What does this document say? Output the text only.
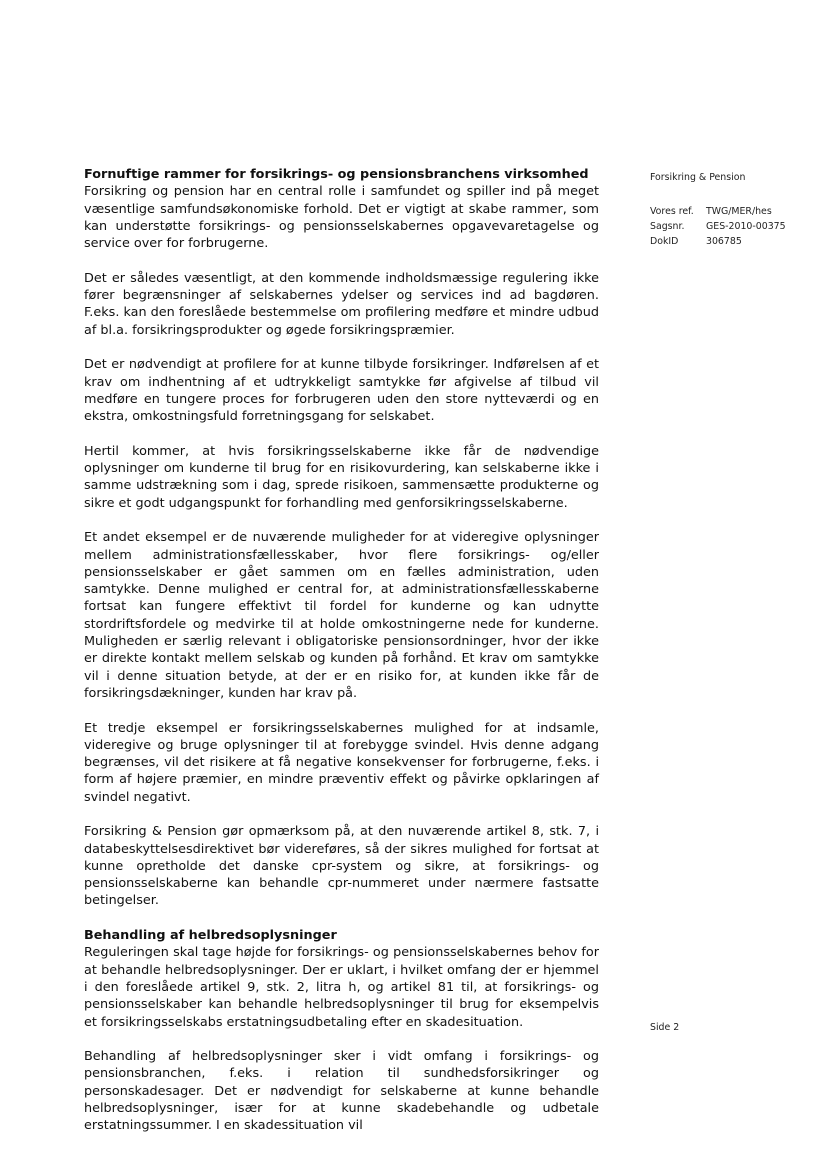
Fornuftige rammer for forsikrings- og pensionsbranchens virksomhed

Forsikring og pension har en central rolle i samfundet og spiller ind på meget væsentlige samfundsøkonomiske forhold. Det er vigtigt at skabe rammer, som kan understøtte forsikrings- og pensionsselskabernes opgavevaretagelse og service over for forbrugerne.

Det er således væsentligt, at den kommende indholdsmæssige regulering ikke fører begrænsninger af selskabernes ydelser og services ind ad bagdøren. F.eks. kan den foreslåede bestemmelse om profilering medføre et mindre udbud af bl.a. forsikringsprodukter og øgede forsikringspræmier.

Det er nødvendigt at profilere for at kunne tilbyde forsikringer. Indførelsen af et krav om indhentning af et udtrykkeligt samtykke før afgivelse af tilbud vil medføre en tungere proces for forbrugeren uden den store nytteværdi og en ekstra, omkostningsfuld forretningsgang for selskabet.

Hertil kommer, at hvis forsikringsselskaberne ikke får de nødvendige oplysninger om kunderne til brug for en risikovurdering, kan selskaberne ikke i samme udstrækning som i dag, sprede risikoen, sammensætte produkterne og sikre et godt udgangspunkt for forhandling med genforsikringsselskaberne.

Et andet eksempel er de nuværende muligheder for at videregive oplysninger mellem administrationsfællesskaber, hvor flere forsikrings- og/eller pensionsselskaber er gået sammen om en fælles administration, uden samtykke. Denne mulighed er central for, at administrationsfællesskaberne fortsat kan fungere effektivt til fordel for kunderne og kan udnytte stordriftsfordele og medvirke til at holde omkostningerne nede for kunderne. Muligheden er særlig relevant i obligatoriske pensionsordninger, hvor der ikke er direkte kontakt mellem selskab og kunden på forhånd. Et krav om samtykke vil i denne situation betyde, at der er en risiko for, at kunden ikke får de forsikringsdækninger, kunden har krav på.

Et tredje eksempel er forsikringsselskabernes mulighed for at indsamle, videregive og bruge oplysninger til at forebygge svindel. Hvis denne adgang begrænses, vil det risikere at få negative konsekvenser for forbrugerne, f.eks. i form af højere præmier, en mindre præventiv effekt og påvirke opklaringen af svindel negativt.

Forsikring & Pension gør opmærksom på, at den nuværende artikel 8, stk. 7, i databeskyttelsesdirektivet bør videreføres, så der sikres mulighed for fortsat at kunne opretholde det danske cpr-system og sikre, at forsikrings- og pensionsselskaberne kan behandle cpr-nummeret under nærmere fastsatte betingelser.

Behandling af helbredsoplysninger

Reguleringen skal tage højde for forsikrings- og pensionsselskabernes behov for at behandle helbredsoplysninger. Der er uklart, i hvilket omfang der er hjemmel i den foreslåede artikel 9, stk. 2, litra h, og artikel 81 til, at forsikrings- og pensionsselskaber kan behandle helbredsoplysninger til brug for eksempelvis et forsikringsselskabs erstatningsudbetaling efter en skadesituation.

Behandling af helbredsoplysninger sker i vidt omfang i forsikrings- og pensionsbranchen, f.eks. i relation til sundhedsforsikringer og personskadesager. Det er nødvendigt for selskaberne at kunne behandle helbredsoplysninger, især for at kunne skadebehandle og udbetale erstatningssummer. I en skadessituation vil

Forsikring & Pension
Vores ref.	TWG/MER/hes
Sagsnr.	GES-2010-00375
DokID	306785
Side 2
